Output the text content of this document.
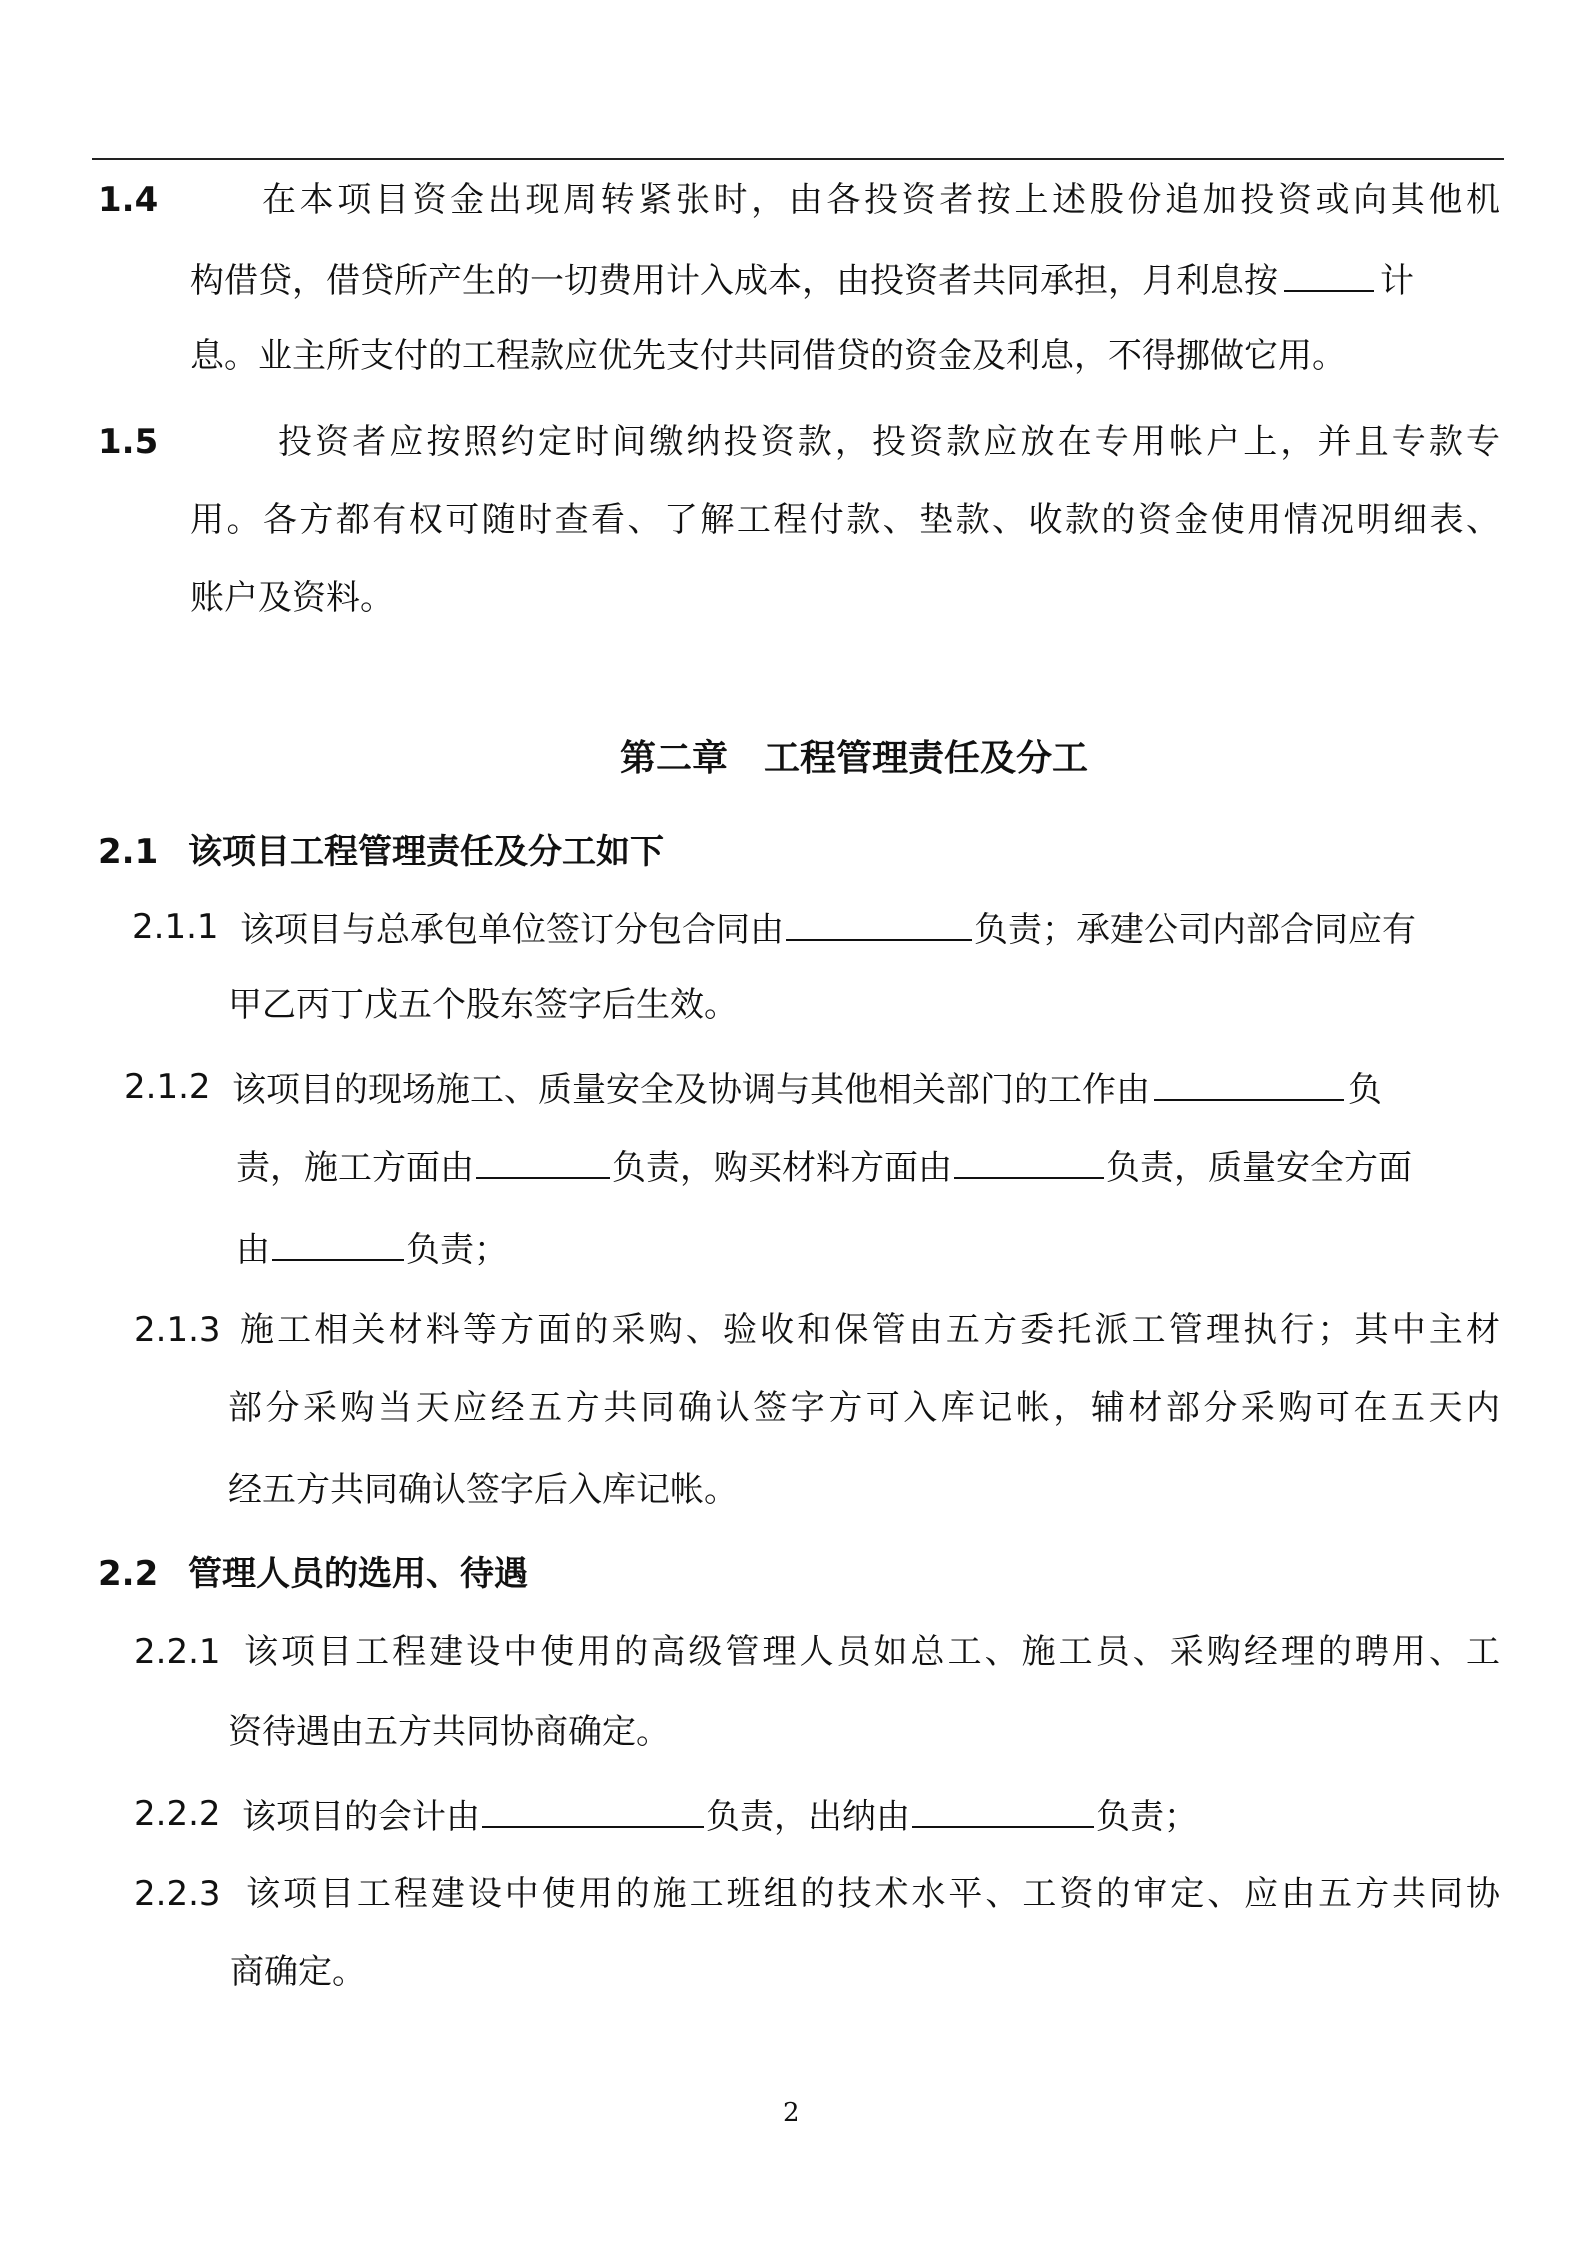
1.4	在本项目资金出现周转紧张时，由各投资者按上述股份追加投资或向其他机
构借贷，借贷所产生的一切费用计入成本，由投资者共同承担，月利息按	计
息。业主所支付的工程款应优先支付共同借贷的资金及利息，不得挪做它用。
1.5	投资者应按照约定时间缴纳投资款，投资款应放在专用帐户上，并且专款专
用。各方都有权可随时查看、了解工程付款、垫款、收款的资金使用情况明细表、
账户及资料。
第二章　工程管理责任及分工
2.1 该项目工程管理责任及分工如下
2.1.1 该项目与总承包单位签订分包合同由	负责；承建公司内部合同应有
甲乙丙丁戊五个股东签字后生效。
2.1.2 该项目的现场施工、质量安全及协调与其他相关部门的工作由	负
责，施工方面由	负责，购买材料方面由	负责，质量安全方面
由	负责；
2.1.3 施工相关材料等方面的采购、验收和保管由五方委托派工管理执行；其中主材
部分采购当天应经五方共同确认签字方可入库记帐，辅材部分采购可在五天内
经五方共同确认签字后入库记帐。
2.2 管理人员的选用、待遇
2.2.1 该项目工程建设中使用的高级管理人员如总工、施工员、采购经理的聘用、工
资待遇由五方共同协商确定。
2.2.2 该项目的会计由	负责，出纳由	负责；
2.2.3 该项目工程建设中使用的施工班组的技术水平、工资的审定、应由五方共同协
商确定。
2
